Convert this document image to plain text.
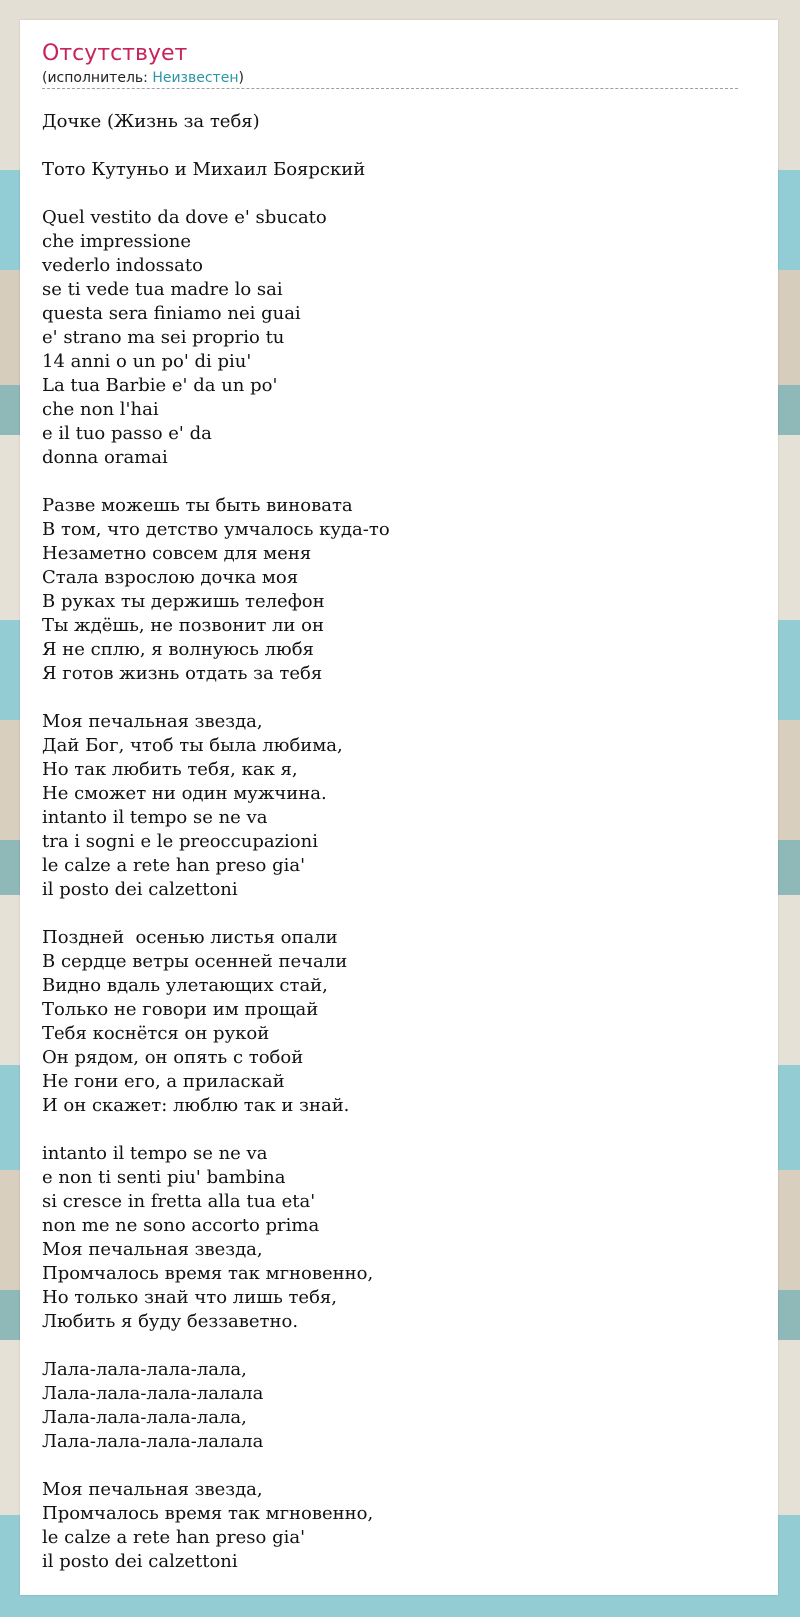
Отсутствует
(исполнитель: Неизвестен)
Дочке (Жизнь за тебя)
Тото Кутуньо и Михаил Боярский
Quel vestito da dove e' sbucato
che impressione
vederlo indossato
se ti vede tua madre lo sai
questa sera finiamo nei guai
e' strano ma sei proprio tu
14 anni o un po' di piu'
La tua Barbie e' da un po'
che non l'hai
e il tuo passo e' da
donna oramai
Разве можешь ты быть виновата
В том, что детство умчалось куда-то
Незаметно совсем для меня
Стала взрослою дочка моя
В руках ты держишь телефон
Ты ждёшь, не позвонит ли он
Я не сплю, я волнуюсь любя
Я готов жизнь отдать за тебя
Моя печальная звезда,
Дай Бог, чтоб ты была любима,
Но так любить тебя, как я,
Не сможет ни один мужчина.
intanto il tempo se ne va
tra i sogni e le preoccupazioni
le calze a rete han preso gia'
il posto dei calzettoni
Поздней  осенью листья опали
В сердце ветры осенней печали
Видно вдаль улетающих стай,
Только не говори им прощай
Тебя коснётся он рукой
Он рядом, он опять с тобой
Не гони его, а приласкай
И он скажет: люблю так и знай.
intanto il tempo se ne va
e non ti senti piu' bambina
si cresce in fretta alla tua eta'
non me ne sono accorto prima
Моя печальная звезда,
Промчалось время так мгновенно,
Но только знай что лишь тебя,
Любить я буду беззаветно.
Лала-лала-лала-лала,
Лала-лала-лала-лалала
Лала-лала-лала-лала,
Лала-лала-лала-лалала
Моя печальная звезда,
Промчалось время так мгновенно,
le calze a rete han preso gia'
il posto dei calzettoni
